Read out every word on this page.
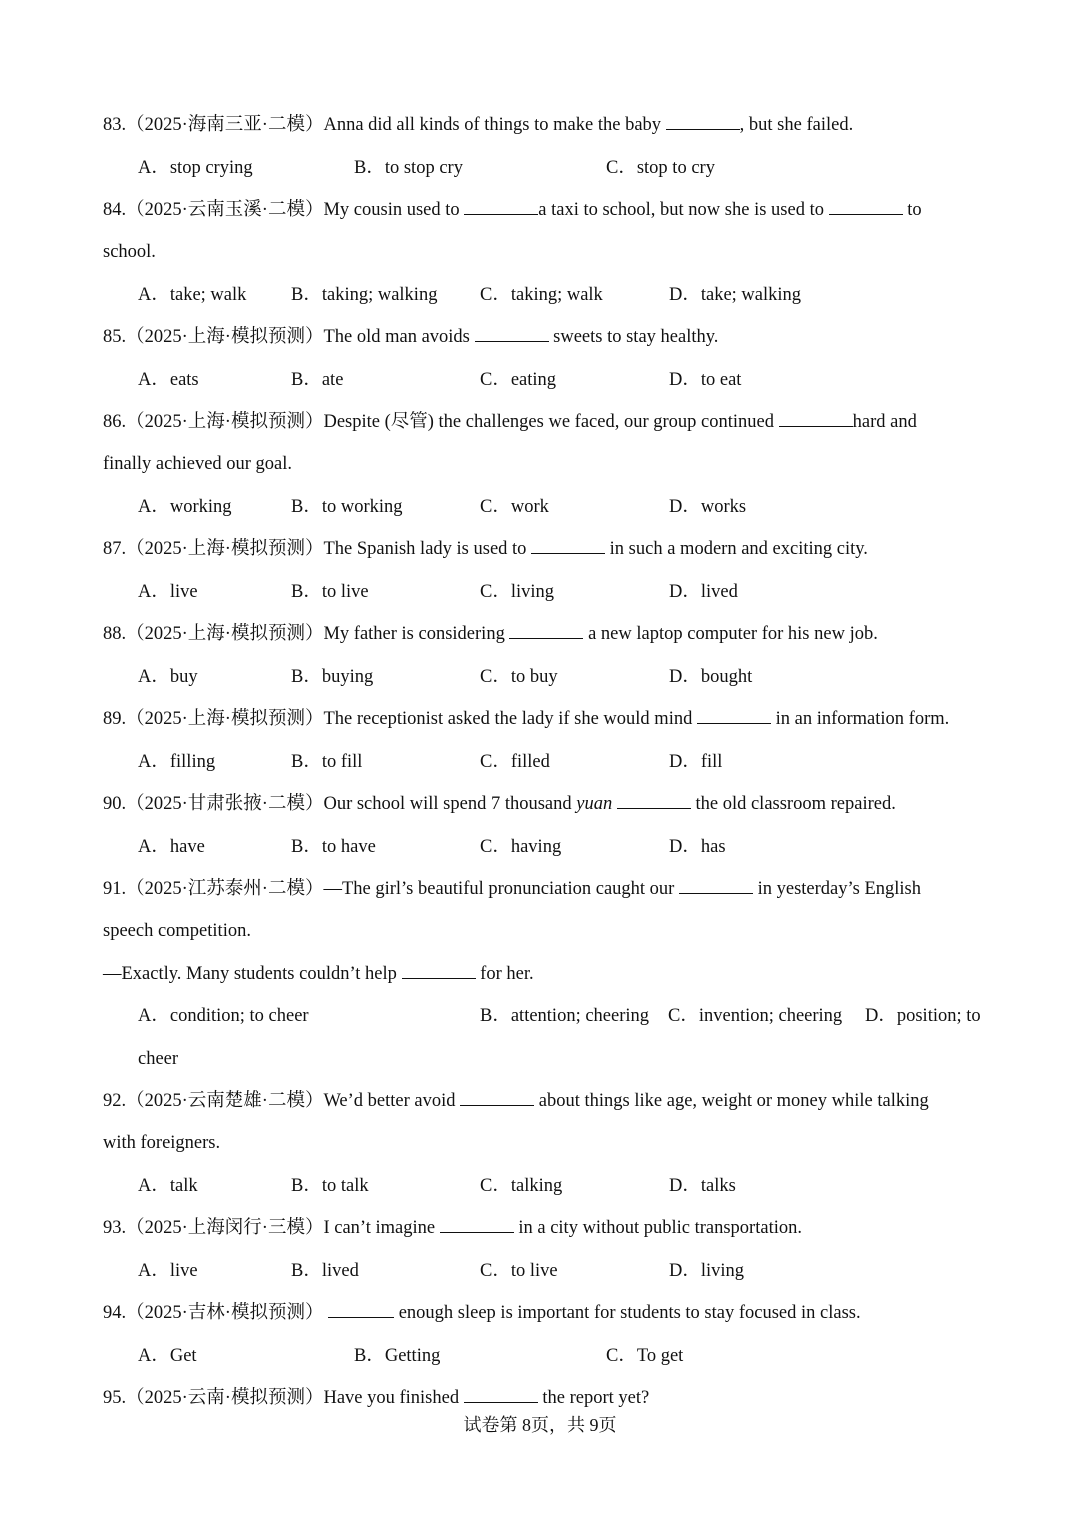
83.（2025·海南三亚·二模）Anna did all kinds of things to make the baby	, but she failed.
A．stop crying	B．to stop cry	C．stop to cry
84.（2025·云南玉溪·二模）My cousin used to	a taxi to school, but now she is used to	to
school.
A．take; walk B．taking; walking C．taking; walk	D．take; walking
85.（2025·上海·模拟预测）The old man avoids	sweets to stay healthy.
A．eats	B．ate	C．eating	D．to eat
86.（2025·上海·模拟预测）Despite (尽管) the challenges we faced, our group continued	hard and
finally achieved our goal.
A．working	B．to working	C．work	D．works
87.（2025·上海·模拟预测）The Spanish lady is used to	in such a modern and exciting city.
A．live	B．to live	C．living	D．lived
88.（2025·上海·模拟预测）My father is considering	a new laptop computer for his new job.
A．buy	B．buying	C．to buy	D．bought
89.（2025·上海·模拟预测）The receptionist asked the lady if she would mind	in an information form.
A．filling	B．to fill	C．filled	D．fill
90.（2025·甘肃张掖·二模）Our school will spend 7 thousand yuan	the old classroom repaired.
A．have	B．to have	C．having	D．has
91.（2025·江苏泰州·二模）—The girl’s beautiful pronunciation caught our	in yesterday’s English
speech competition.
—Exactly. Many students couldn’t help	for her.
A．condition; to cheer	B．attention; cheering C．invention; cheering D．position; to
cheer
92.（2025·云南楚雄·二模）We’d better avoid	about things like age, weight or money while talking
with foreigners.
A．talk	B．to talk	C．talking	D．talks
93.（2025·上海闵行·三模）I can’t imagine	in a city without public transportation.
A．live	B．lived	C．to live	D．living
94.（2025·吉林·模拟预测）	enough sleep is important for students to stay focused in class.
A．Get	B．Getting	C．To get
95.（2025·云南·模拟预测）Have you finished	the report yet?
试卷第 8页，共 9页
